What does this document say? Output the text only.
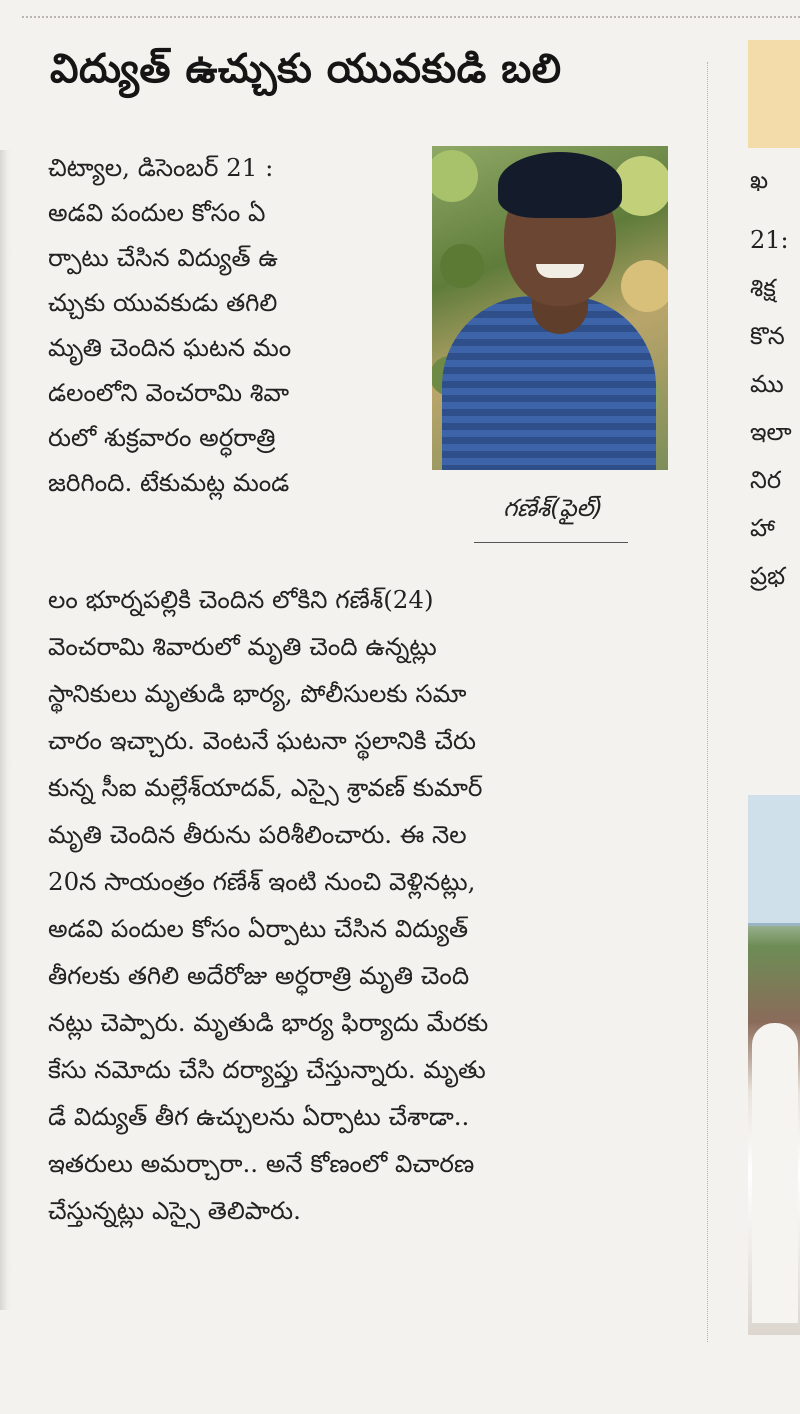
విద్యుత్ ఉచ్చుకు యువకుడి బలి

చిట్యాల, డిసెంబర్ 21 :

అడవి పందుల కోసం ఏ

ర్పాటు చేసిన విద్యుత్ ఉ

చ్చుకు యువకుడు తగిలి

మృతి చెందిన ఘటన మం

డలంలోని వెంచరామి శివా

రులో శుక్రవారం అర్ధరాత్రి

జరిగింది. టేకుమట్ల మండ

లం భూర్నపల్లికి చెందిన లోకిని గణేశ్(24)

వెంచరామి శివారులో మృతి చెంది ఉన్నట్లు

స్థానికులు మృతుడి భార్య, పోలీసులకు సమా

చారం ఇచ్చారు. వెంటనే ఘటనా స్థలానికి చేరు

కున్న సీఐ మల్లేశ్‌యాదవ్, ఎస్సై శ్రావణ్ కుమార్

మృతి చెందిన తీరును పరిశీలించారు. ఈ నెల

20న సాయంత్రం గణేశ్ ఇంటి నుంచి వెళ్లినట్లు,

అడవి పందుల కోసం ఏర్పాటు చేసిన విద్యుత్

తీగలకు తగిలి అదేరోజు అర్ధరాత్రి మృతి చెంది

నట్లు చెప్పారు. మృతుడి భార్య ఫిర్యాదు మేరకు

కేసు నమోదు చేసి దర్యాప్తు చేస్తున్నారు. మృతు

డే విద్యుత్ తీగ ఉచ్చులను ఏర్పాటు చేశాడా..

ఇతరులు అమర్చారా.. అనే కోణంలో విచారణ

చేస్తున్నట్లు ఎస్సై తెలిపారు.

గణేశ్(ఫైల్)

ఖ

21:

శిక్ష

కొన

ము

ఇలా

నిర

హా

ప్రభ
